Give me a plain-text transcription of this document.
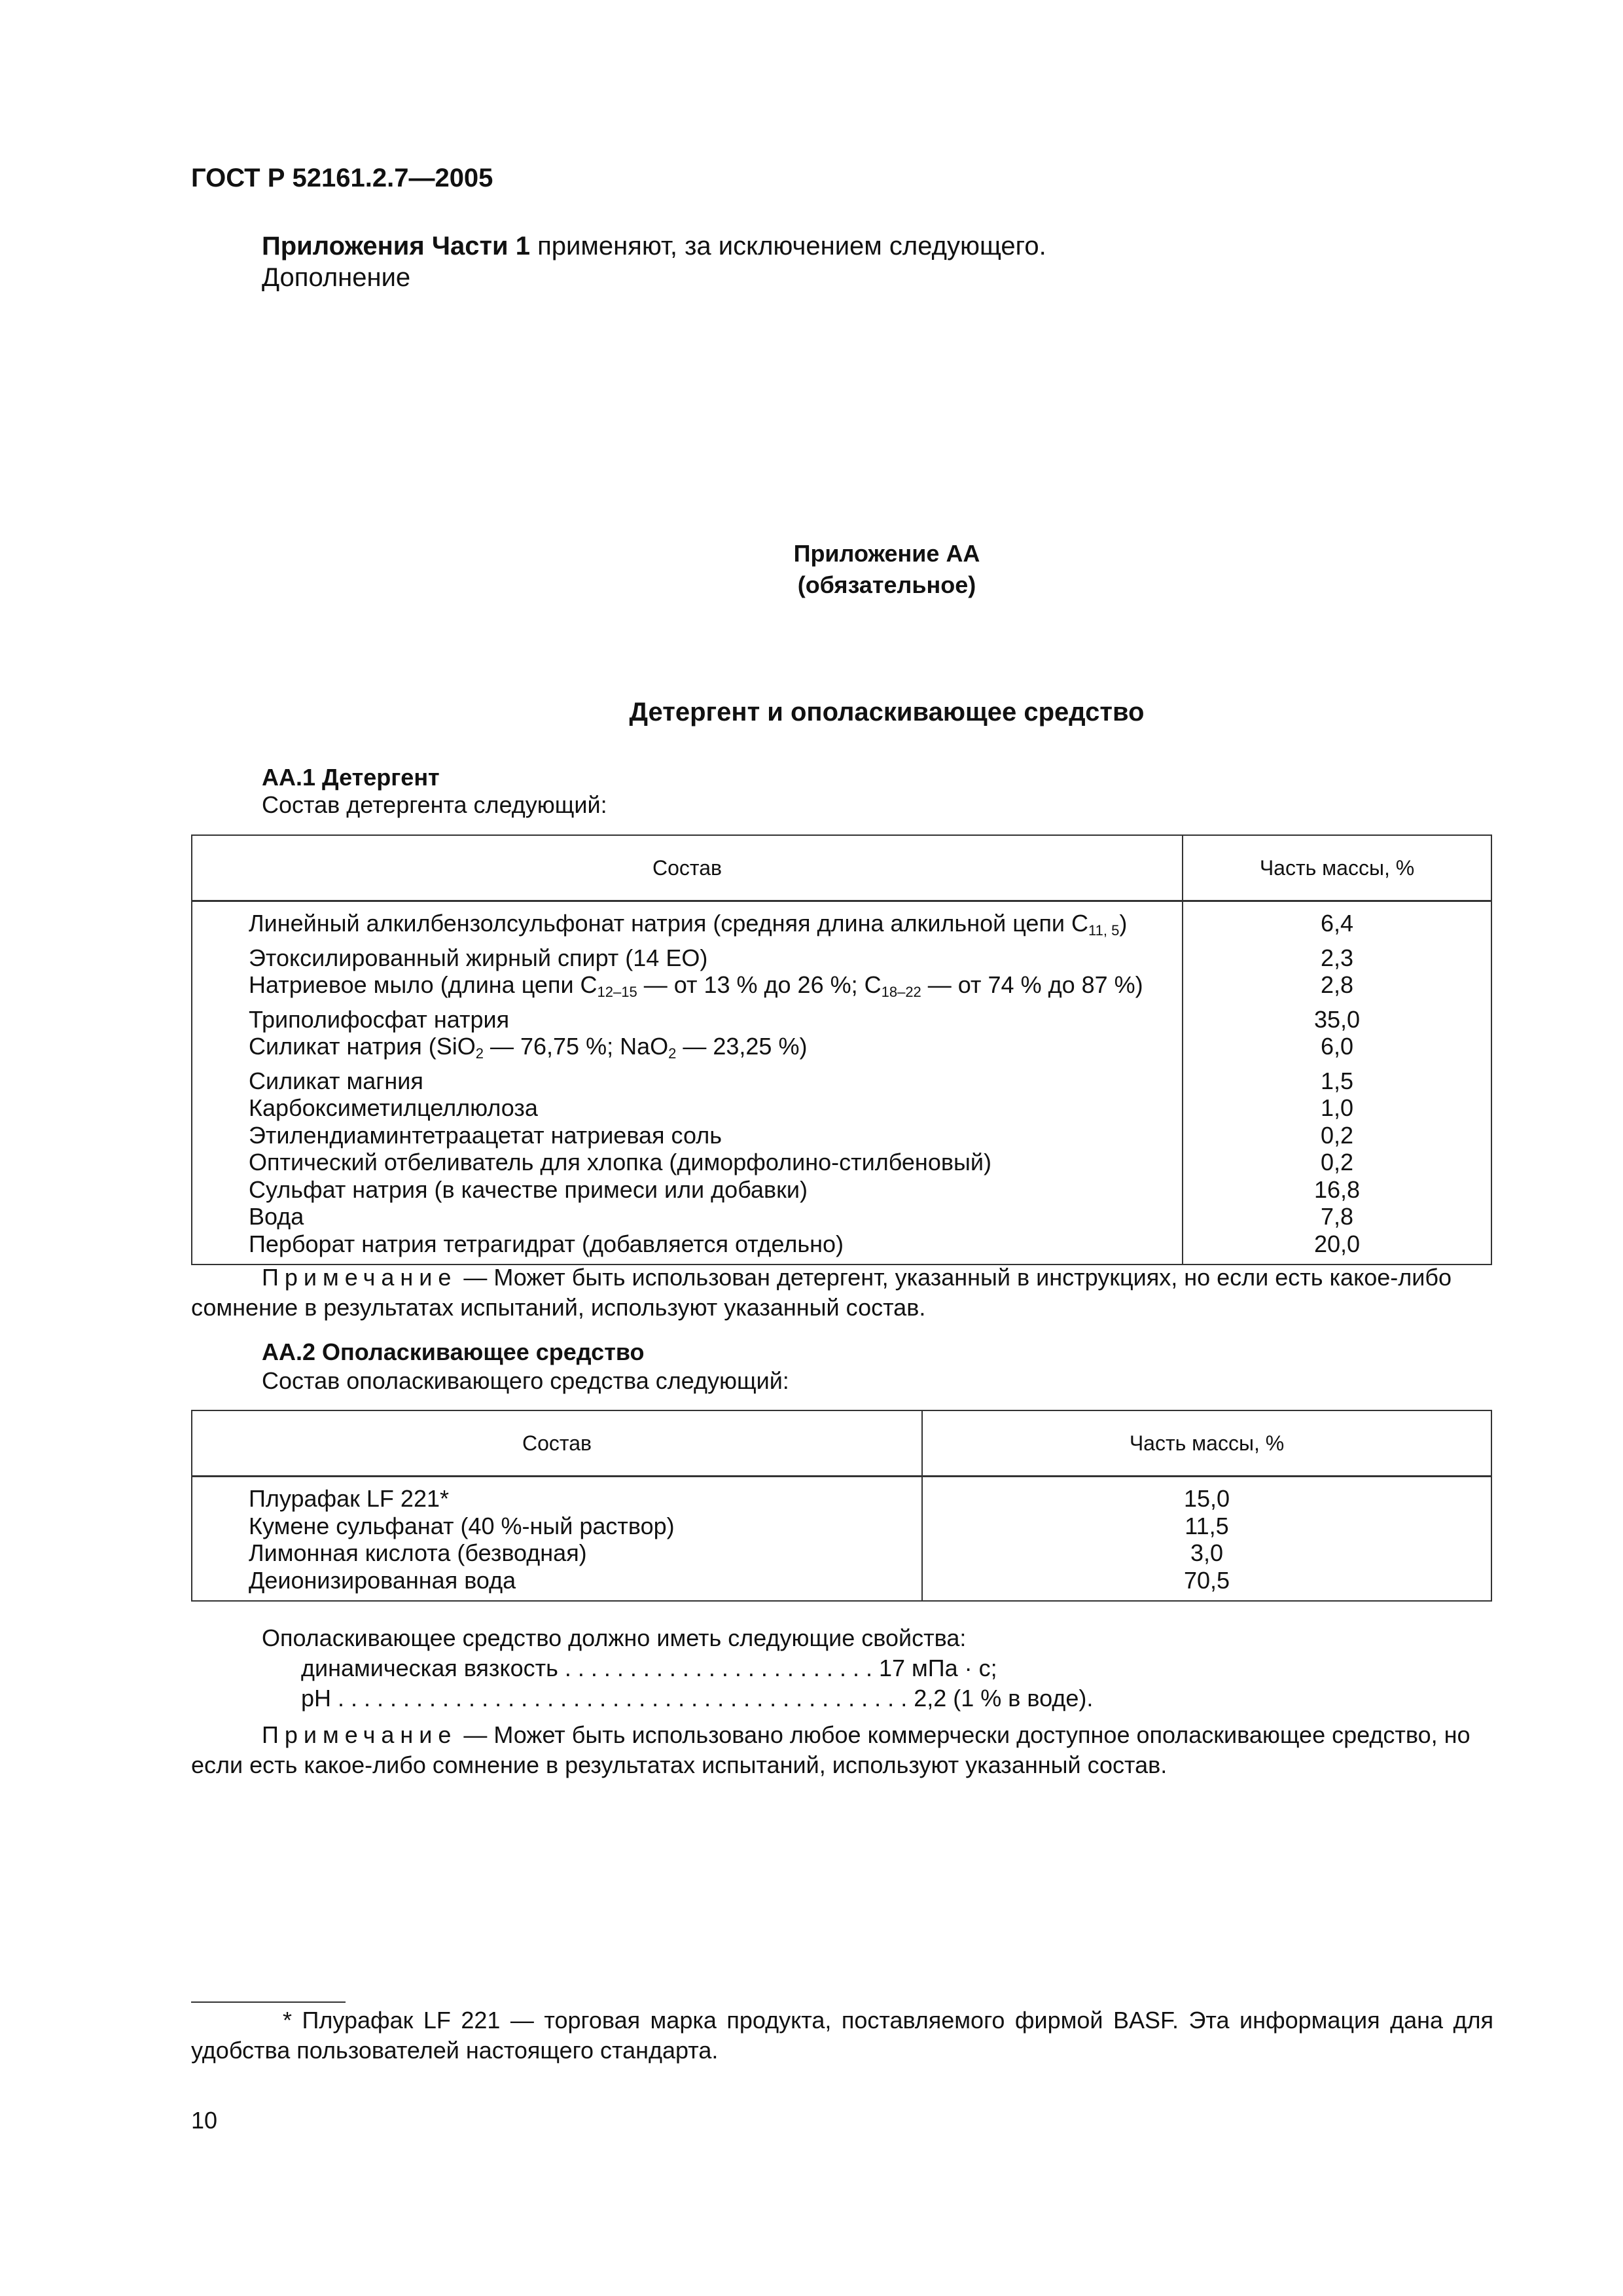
ГОСТ Р 52161.2.7—2005
Приложения Части 1 применяют, за исключением следующего.
Дополнение
Приложение АА
(обязательное)
Детергент и ополаскивающее средство
АА.1 Детергент
Состав детергента следующий:
Состав	Часть массы, %
Линейный алкилбензолсульфонат натрия (средняя длина алкильной цепи $C_{11, 5}$)	6,4
Этоксилированный жирный спирт (14 ЕО)	2,3
Натриевое мыло (длина цепи $C_{12-15}$ — от 13 % до 26 %; $C_{18-22}$ — от 74 % до 87 %)	2,8
Триполифосфат натрия	35,0
Силикат натрия (SiO$_2$ — 76,75 %; NaO$_2$ — 23,25 %)	6,0
Силикат магния	1,5
Карбоксиметилцеллюлоза	1,0
Этилендиаминтетраацетат натриевая соль	0,2
Оптический отбеливатель для хлопка (диморфолино-стилбеновый)	0,2
Сульфат натрия (в качестве примеси или добавки)	16,8
Вода	7,8
Перборат натрия тетрагидрат (добавляется отдельно)	20,0
Примечание — Может быть использован детергент, указанный в инструкциях, но если есть какое-либо сомнение в результатах испытаний, используют указанный состав.
АА.2 Ополаскивающее средство
Состав ополаскивающего средства следующий:
Состав	Часть массы, %
Плурафак LF 221*	15,0
Кумене сульфанат (40 %-ный раствор)	11,5
Лимонная кислота (безводная)	3,0
Деионизированная вода	70,5
Ополаскивающее средство должно иметь следующие свойства:
динамическая вязкость . . . . . . . . . . . . . . . . . . . . . . . . 17 мПа · с;
pH . . . . . . . . . . . . . . . . . . . . . . . . . . . . . . . . . . . . . . . . . . . . 2,2 (1 % в воде).
Примечание — Может быть использовано любое коммерчески доступное ополаскивающее средство, но если есть какое-либо сомнение в результатах испытаний, используют указанный состав.
* Плурафак LF 221 — торговая марка продукта, поставляемого фирмой BASF. Эта информация дана для удобства пользователей настоящего стандарта.
10
